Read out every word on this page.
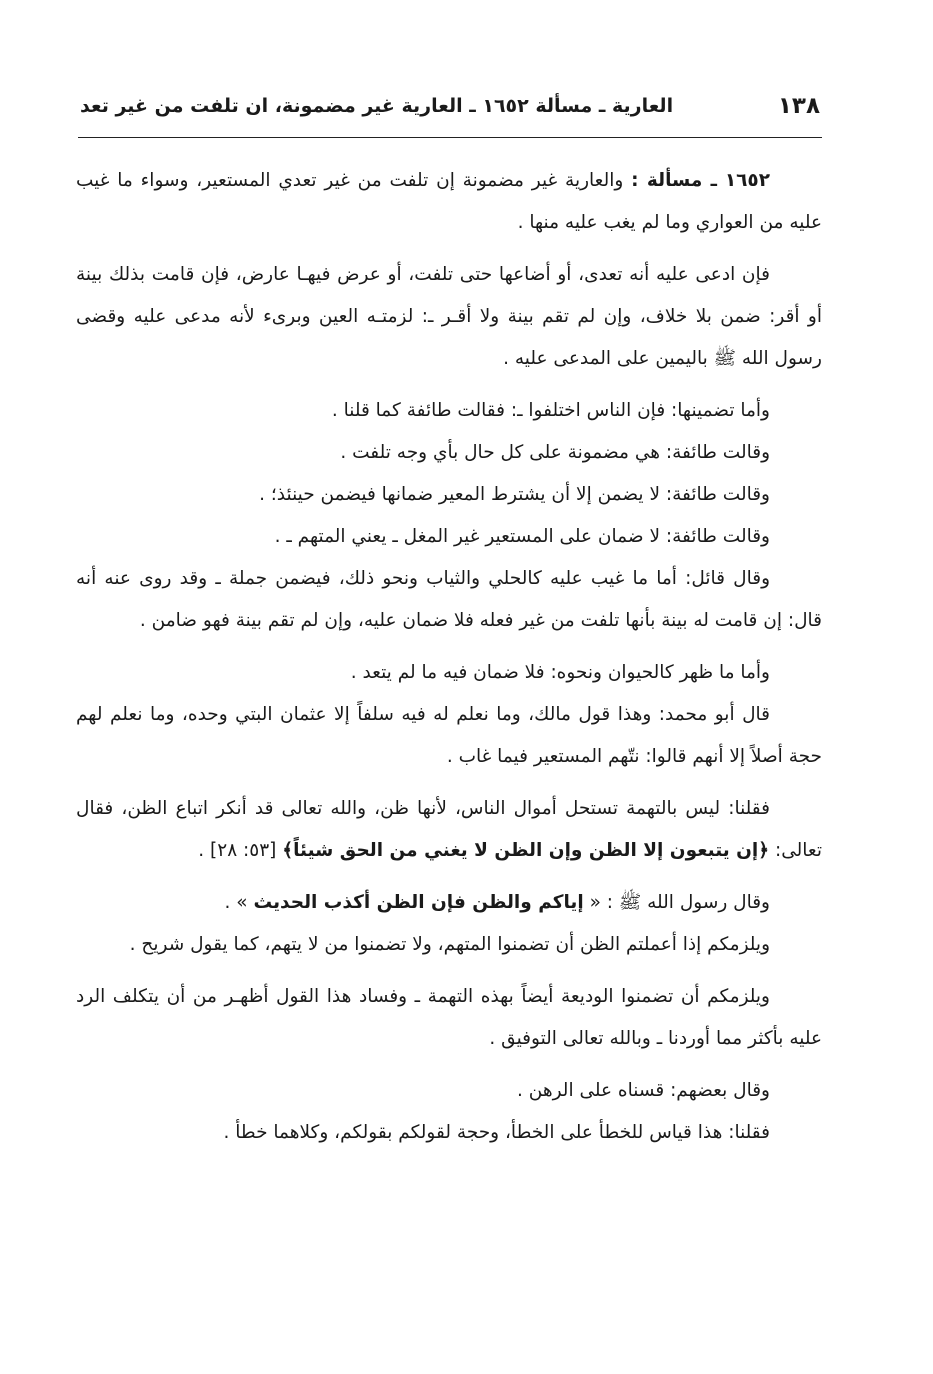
١٣٨
العارية ـ مسألة ١٦٥٢ ـ العارية غير مضمونة، ان تلفت من غير تعد

١٦٥٢ ـ مسألة : والعارية غير مضمونة إن تلفت من غير تعدي المستعير، وسواء ما غيب عليه من العواري وما لم يغب عليه منها .

فإن ادعى عليه أنه تعدى، أو أضاعها حتى تلفت، أو عرض فيهـا عارض، فإن قامت بذلك بينة أو أقر: ضمن بلا خلاف، وإن لم تقم بينة ولا أقـر ـ: لزمتـه العين وبرىء لأنه مدعى عليه وقضى رسول الله ﷺ باليمين على المدعى عليه .

وأما تضمينها: فإن الناس اختلفوا ـ: فقالت طائفة كما قلنا .

وقالت طائفة: هي مضمونة على كل حال بأي وجه تلفت .

وقالت طائفة: لا يضمن إلا أن يشترط المعير ضمانها فيضمن حينئذ؛ .

وقالت طائفة: لا ضمان على المستعير غير المغل ـ يعني المتهم ـ .

وقال قائل: أما ما غيب عليه كالحلي والثياب ونحو ذلك، فيضمن جملة ـ وقد روى عنه أنه قال: إن قامت له بينة بأنها تلفت من غير فعله فلا ضمان عليه، وإن لم تقم بينة فهو ضامن .

وأما ما ظهر كالحيوان ونحوه: فلا ضمان فيه ما لم يتعد .

قال أبو محمد: وهذا قول مالك، وما نعلم له فيه سلفاً إلا عثمان البتي وحده، وما نعلم لهم حجة أصلاً إلا أنهم قالوا: نتّهم المستعير فيما غاب .

فقلنا: ليس بالتهمة تستحل أموال الناس، لأنها ظن، والله تعالى قد أنكر اتباع الظن، فقال تعالى: ﴿إن يتبعون إلا الظن وإن الظن لا يغني من الحق شيئاً﴾ [٥٣: ٢٨] .

وقال رسول الله ﷺ : « إياكم والظن فإن الظن أكذب الحديث » .

ويلزمكم إذا أعملتم الظن أن تضمنوا المتهم، ولا تضمنوا من لا يتهم، كما يقول شريح .

ويلزمكم أن تضمنوا الوديعة أيضاً بهذه التهمة ـ وفساد هذا القول أظهـر من أن يتكلف الرد عليه بأكثر مما أوردنا ـ وبالله تعالى التوفيق .

وقال بعضهم: قسناه على الرهن .

فقلنا: هذا قياس للخطأ على الخطأ، وحجة لقولكم بقولكم، وكلاهما خطأ .
